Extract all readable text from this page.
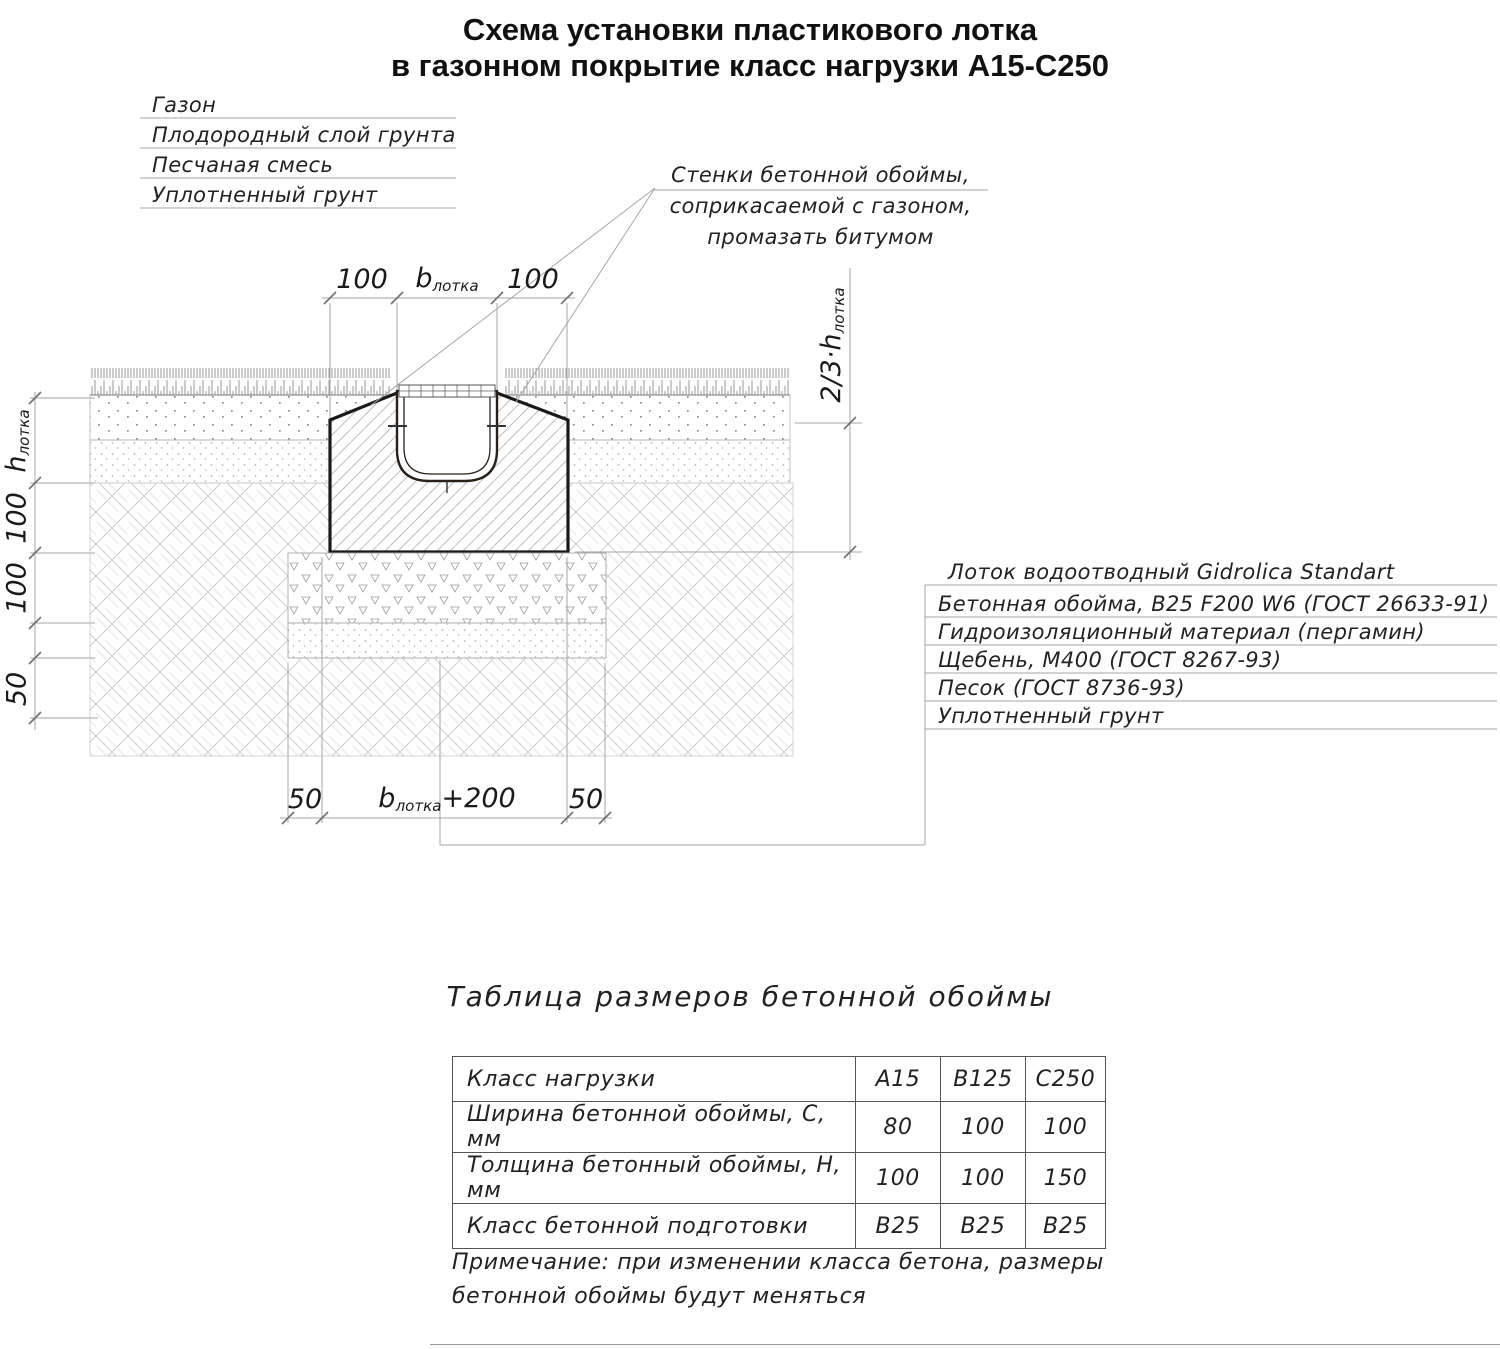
Схема установки пластикового лотка
в газонном покрытие класс нагрузки А15-С250
Газон
Плодородный слой грунта
Песчаная смесь
Уплотненный грунт
Стенки бетонной обоймы,
соприкасаемой с газоном,
промазать битумом
100 $b_{лотка}$ 100
$2/3\cdot h_{лотка}$
$h_{лотка}$
100
100
50
50 $b_{лотка}+200$ 50
Лоток водоотводный Gidrolica Standart
Бетонная обойма, B25 F200 W6 (ГОСТ 26633-91)
Гидроизоляционный материал (пергамин)
Щебень, М400 (ГОСТ 8267-93)
Песок (ГОСТ 8736-93)
Уплотненный грунт
Таблица размеров бетонной обоймы
Класс нагрузки	А15	В125	С250
Ширина бетонной обоймы, С, мм	80	100	100
Толщина бетонный обоймы, Н, мм	100	100	150
Класс бетонной подготовки	В25	В25	В25
Примечание: при изменении класса бетона, размеры
бетонной обоймы будут меняться
